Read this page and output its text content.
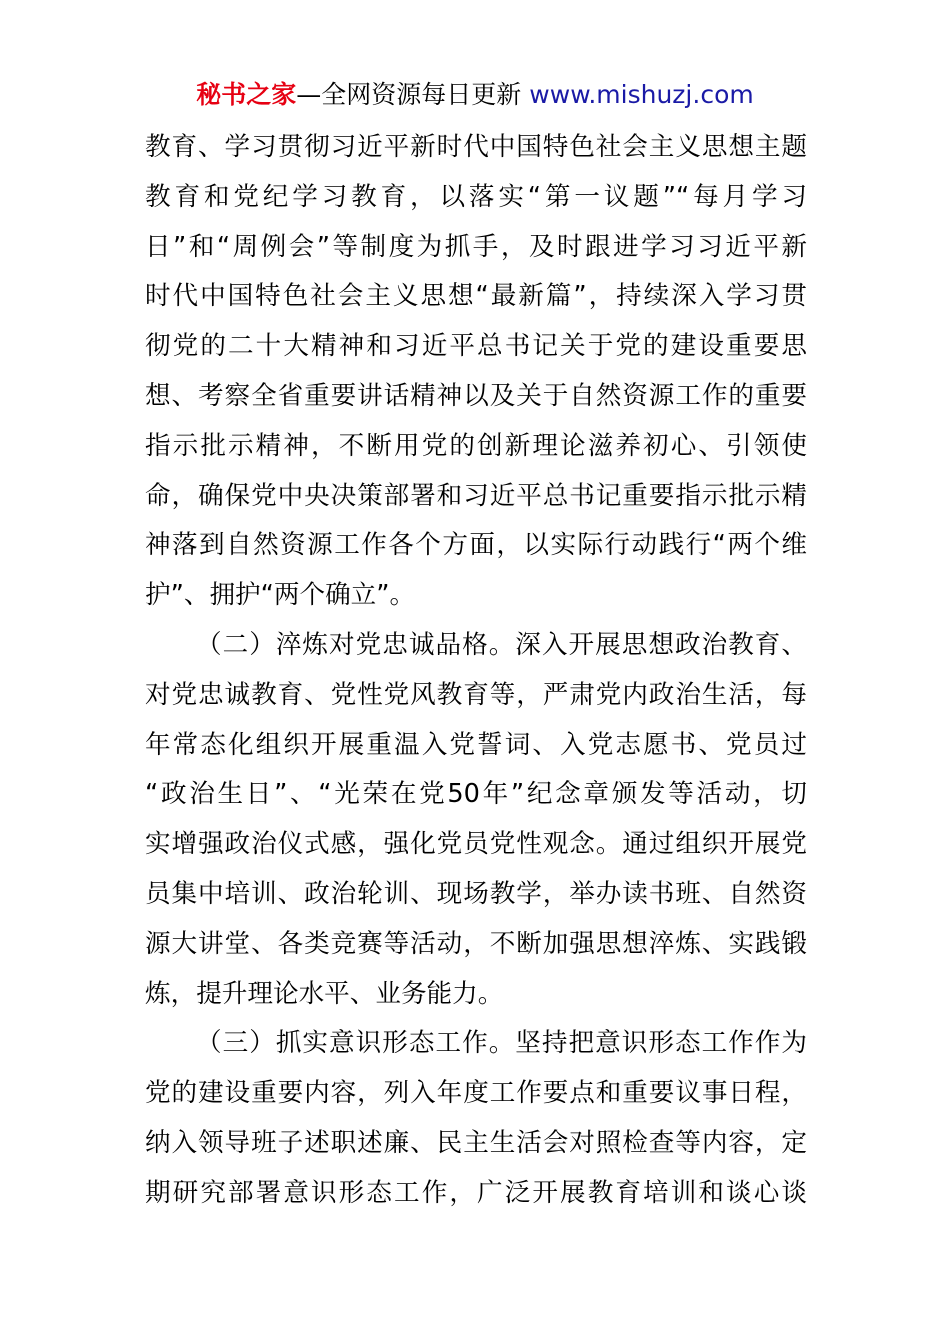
秘书之家—全网资源每日更新 www.mishuzj.com
教育、学习贯彻习近平新时代中国特色社会主义思想主题
教育和党纪学习教育，以落实“第一议题”“每月学习
日”和“周例会”等制度为抓手，及时跟进学习习近平新
时代中国特色社会主义思想“最新篇”，持续深入学习贯
彻党的二十大精神和习近平总书记关于党的建设重要思
想、考察全省重要讲话精神以及关于自然资源工作的重要
指示批示精神，不断用党的创新理论滋养初心、引领使
命，确保党中央决策部署和习近平总书记重要指示批示精
神落到自然资源工作各个方面，以实际行动践行“两个维
护”、拥护“两个确立”。
（二）淬炼对党忠诚品格。深入开展思想政治教育、
对党忠诚教育、党性党风教育等，严肃党内政治生活，每
年常态化组织开展重温入党誓词、入党志愿书、党员过
“政治生日”、“光荣在党50年”纪念章颁发等活动，切
实增强政治仪式感，强化党员党性观念。通过组织开展党
员集中培训、政治轮训、现场教学，举办读书班、自然资
源大讲堂、各类竞赛等活动，不断加强思想淬炼、实践锻
炼，提升理论水平、业务能力。
（三）抓实意识形态工作。坚持把意识形态工作作为
党的建设重要内容，列入年度工作要点和重要议事日程，
纳入领导班子述职述廉、民主生活会对照检查等内容，定
期研究部署意识形态工作，广泛开展教育培训和谈心谈
